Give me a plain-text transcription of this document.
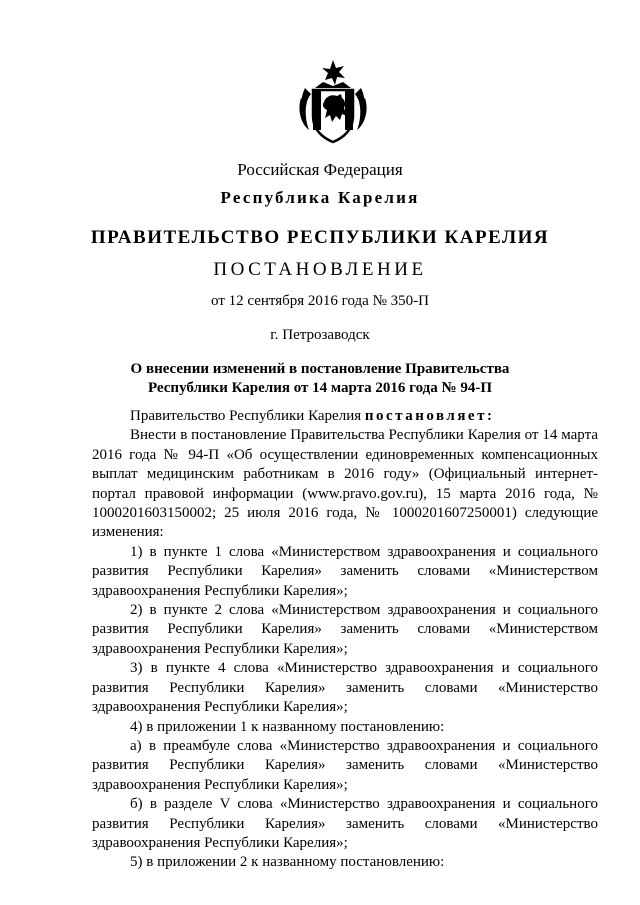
Российская Федерация
Республика Карелия
ПРАВИТЕЛЬСТВО РЕСПУБЛИКИ КАРЕЛИЯ
ПОСТАНОВЛЕНИЕ
от 12 сентября 2016 года № 350-П
г. Петрозаводск
О внесении изменений в постановление Правительства
Республики Карелия от 14 марта 2016 года № 94-П

Правительство Республики Карелия постановляет:

Внести в постановление Правительства Республики Карелия от 14 марта 2016 года № 94-П «Об осуществлении единовременных компенсационных выплат медицинским работникам в 2016 году» (Официальный интернет-портал правовой информации (www.pravo.gov.ru), 15 марта 2016 года, № 1000201603150002; 25 июля 2016 года, № 1000201607250001) следующие изменения:

1) в пункте 1 слова «Министерством здравоохранения и социального развития Республики Карелия» заменить словами «Министерством здравоохранения Республики Карелия»;

2) в пункте 2 слова «Министерством здравоохранения и социального развития Республики Карелия» заменить словами «Министерством здравоохранения Республики Карелия»;

3) в пункте 4 слова «Министерство здравоохранения и социального развития Республики Карелия» заменить словами «Министерство здравоохранения Республики Карелия»;

4) в приложении 1 к названному постановлению:

а) в преамбуле слова «Министерство здравоохранения и социального развития Республики Карелия» заменить словами «Министерство здравоохранения Республики Карелия»;

б) в разделе V слова «Министерство здравоохранения и социального развития Республики Карелия» заменить словами «Министерство здравоохранения Республики Карелия»;

5) в приложении 2 к названному постановлению:
